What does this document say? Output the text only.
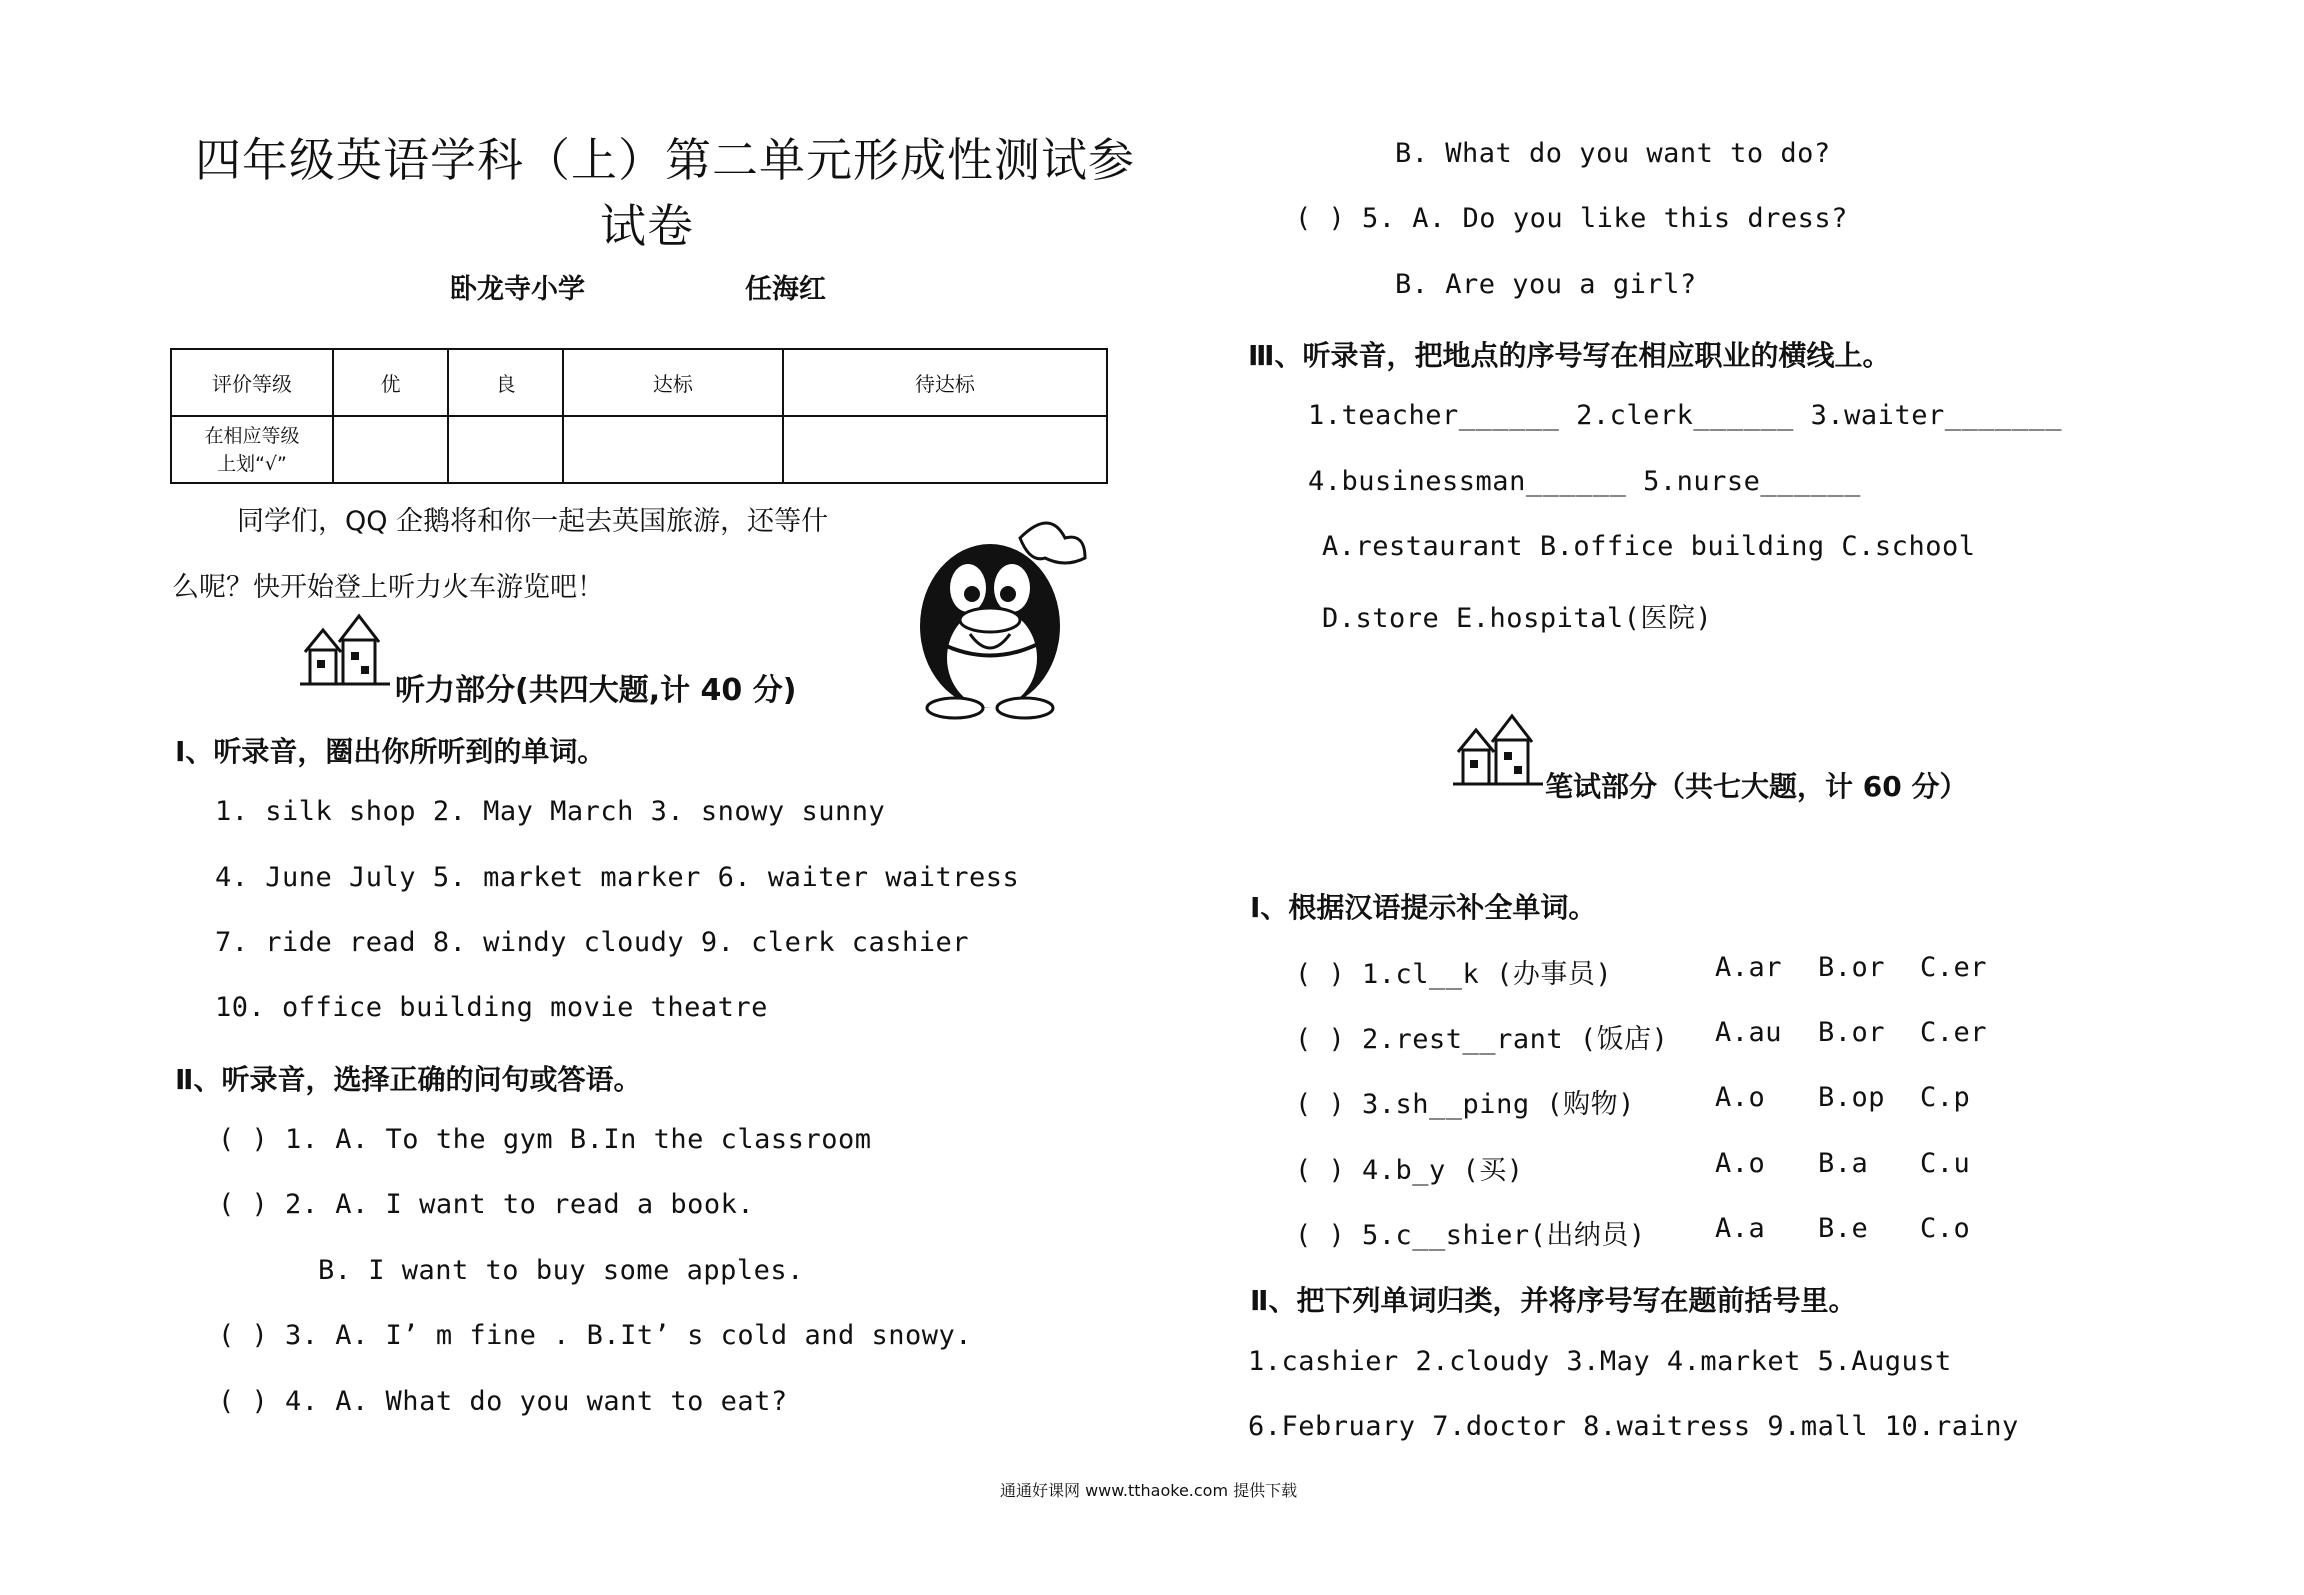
四年级英语学科（上）第二单元形成性测试参
试卷
卧龙寺小学	任海红
评价等级	优	良	达标	待达标

在相应等级
上划“√”				

同学们，QQ 企鹅将和你一起去英国旅游，还等什
么呢？快开始登上听力火车游览吧！
听力部分(共四大题,计 40 分)
Ⅰ、听录音，圈出你所听到的单词。
1. silk shop 2. May March 3. snowy sunny
4. June July 5. market marker 6. waiter waitress
7. ride read 8. windy cloudy 9. clerk cashier
10. office building movie theatre
Ⅱ、听录音，选择正确的问句或答语。
( ) 1. A. To the gym B.In the classroom
( ) 2. A. I want to read a book.
B. I want to buy some apples.
( ) 3. A. I’ m fine . B.It’ s cold and snowy.
( ) 4. A. What do you want to eat?
B. What do you want to do?
( ) 5. A. Do you like this dress?
B. Are you a girl?
Ⅲ、听录音，把地点的序号写在相应职业的横线上。
1.teacher______ 2.clerk______ 3.waiter_______
4.businessman______ 5.nurse______
A.restaurant B.office building C.school
D.store E.hospital(医院)
笔试部分（共七大题，计 60 分）
Ⅰ、根据汉语提示补全单词。
( ) 1.cl__k (办事员)	A.ar B.or C.er
( ) 2.rest__rant (饭店) A.au B.or C.er
( ) 3.sh__ping (购物)	A.o B.op C.p
( ) 4.b_y (买)	A.o B.a C.u
( ) 5.c__shier(出纳员)	A.a B.e C.o
Ⅱ、把下列单词归类，并将序号写在题前括号里。
1.cashier 2.cloudy 3.May 4.market 5.August
6.February 7.doctor 8.waitress 9.mall 10.rainy
通通好课网 www.tthaoke.com 提供下载
